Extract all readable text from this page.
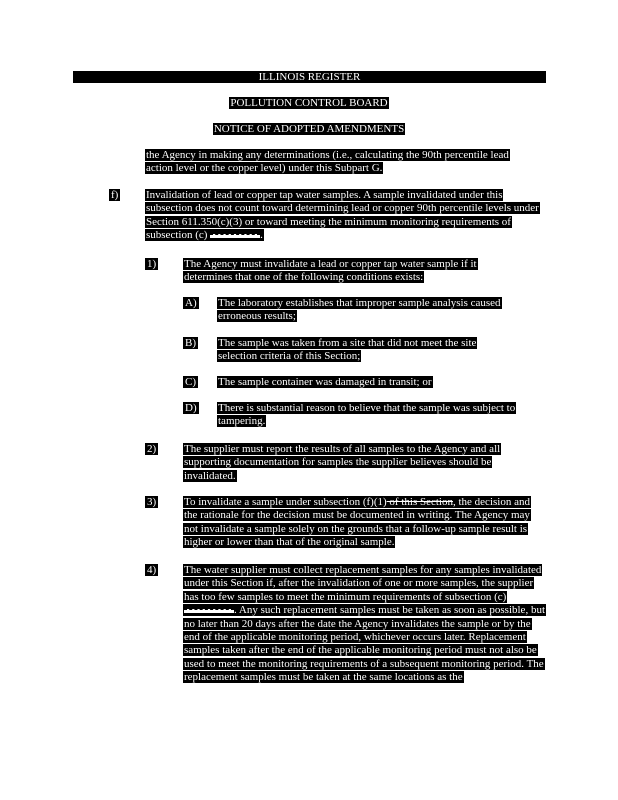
ILLINOIS REGISTER
POLLUTION CONTROL BOARD
NOTICE OF ADOPTED AMENDMENTS
the Agency in making any determinations (i.e., calculating the 90th percentile lead action level or the copper level) under this Subpart G.
f)	Invalidation of lead or copper tap water samples. A sample invalidated under this subsection does not count toward determining lead or copper 90th percentile levels under Section 611.350(c)(3) or toward meeting the minimum monitoring requirements of subsection (c)	.
1)	The Agency must invalidate a lead or copper tap water sample if it determines that one of the following conditions exists:
A) The laboratory establishes that improper sample analysis caused erroneous results;
B) The sample was taken from a site that did not meet the site selection criteria of this Section;
C) The sample container was damaged in transit; or
D) There is substantial reason to believe that the sample was subject to tampering.
2)	The supplier must report the results of all samples to the Agency and all supporting documentation for samples the supplier believes should be invalidated.
3)	To invalidate a sample under subsection (f)(1) of this Section, the decision and the rationale for the decision must be documented in writing. The Agency may not invalidate a sample solely on the grounds that a follow-up sample result is higher or lower than that of the original sample.
4)	The water supplier must collect replacement samples for any samples invalidated under this Section if, after the invalidation of one or more samples, the supplier has too few samples to meet the minimum requirements of subsection (c) . Any such replacement samples must be taken as soon as possible, but no later than 20 days after the date the Agency invalidates the sample or by the end of the applicable monitoring period, whichever occurs later. Replacement samples taken after the end of the applicable monitoring period must not also be used to meet the monitoring requirements of a subsequent monitoring period. The replacement samples must be taken at the same locations as the
